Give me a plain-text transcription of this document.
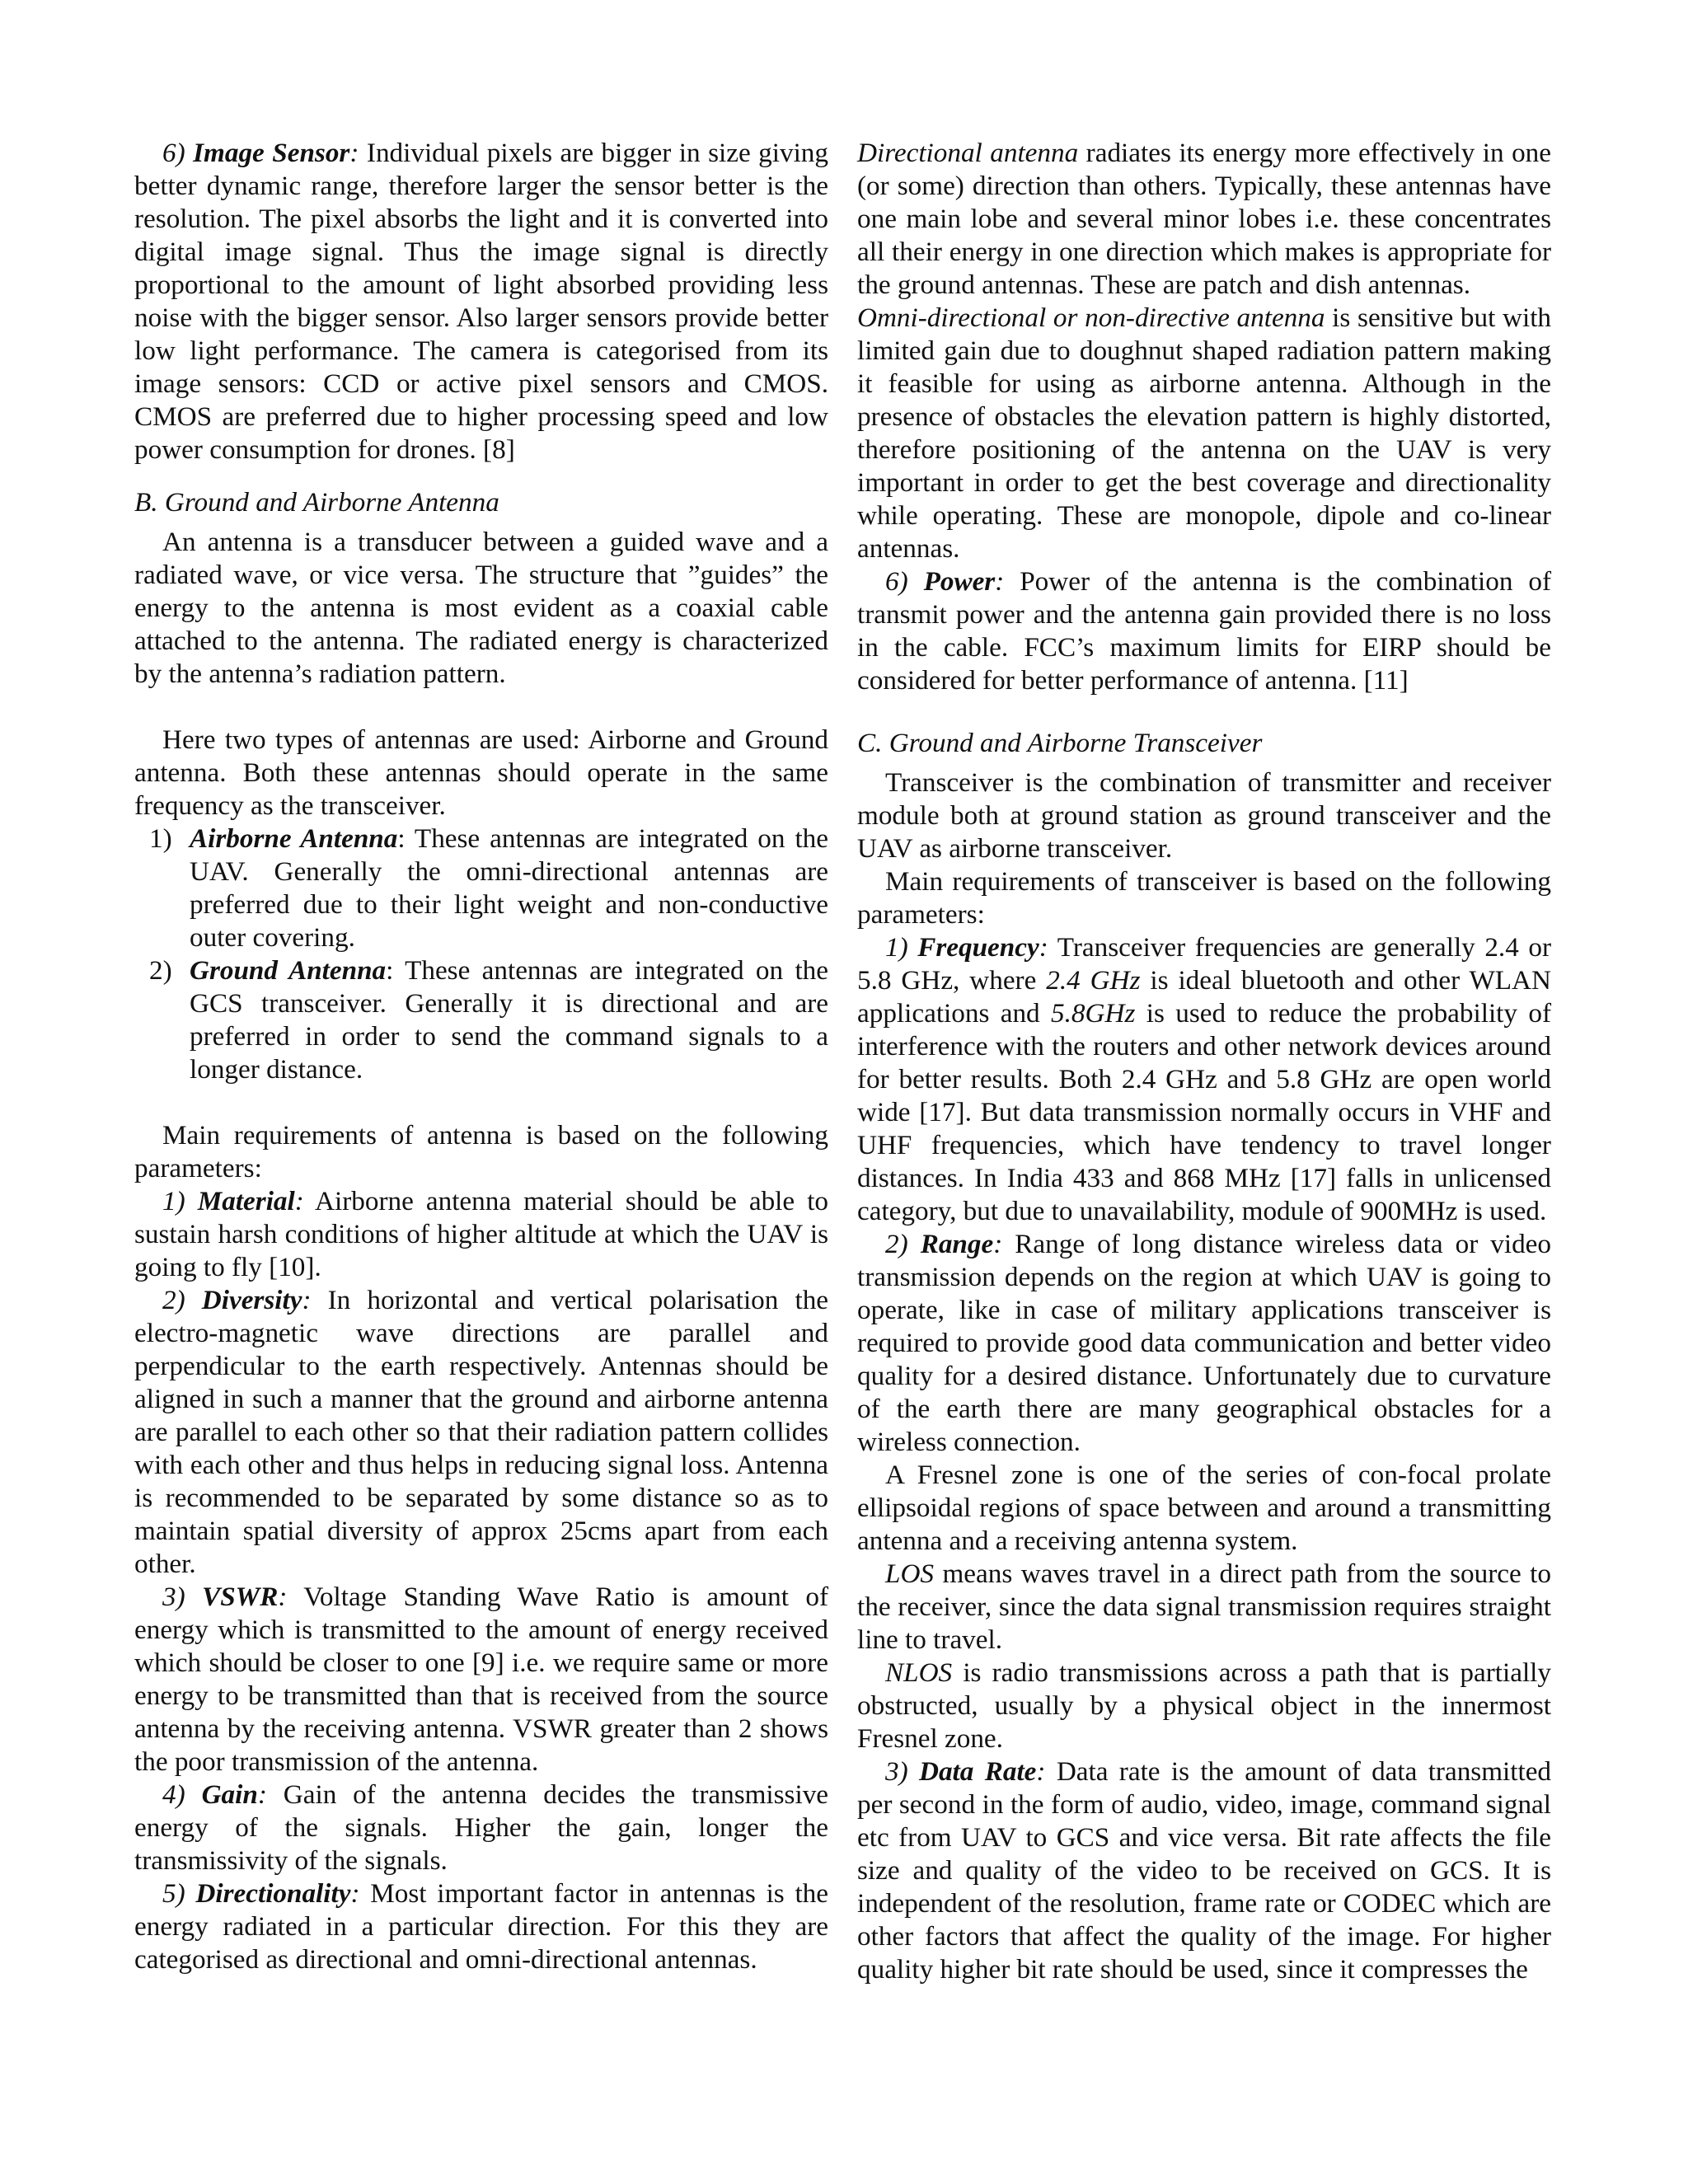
6) Image Sensor: Individual pixels are bigger in size giving better dynamic range, therefore larger the sensor better is the resolution. The pixel absorbs the light and it is converted into digital image signal. Thus the image signal is directly proportional to the amount of light absorbed providing less noise with the bigger sensor. Also larger sensors provide better low light performance. The camera is categorised from its image sensors: CCD or active pixel sensors and CMOS. CMOS are preferred due to higher processing speed and low power consumption for drones. [8]

B. Ground and Airborne Antenna

An antenna is a transducer between a guided wave and a radiated wave, or vice versa. The structure that ”guides” the energy to the antenna is most evident as a coaxial cable attached to the antenna. The radiated energy is characterized by the antenna’s radiation pattern.

Here two types of antennas are used: Airborne and Ground antenna. Both these antennas should operate in the same frequency as the transceiver.

1) Airborne Antenna: These antennas are integrated on the UAV. Generally the omni-directional antennas are preferred due to their light weight and non-conductive outer covering.
2) Ground Antenna: These antennas are integrated on the GCS transceiver. Generally it is directional and are preferred in order to send the command signals to a longer distance.

Main requirements of antenna is based on the following parameters:

1) Material: Airborne antenna material should be able to sustain harsh conditions of higher altitude at which the UAV is going to fly [10].

2) Diversity: In horizontal and vertical polarisation the electro-magnetic wave directions are parallel and perpendicular to the earth respectively. Antennas should be aligned in such a manner that the ground and airborne antenna are parallel to each other so that their radiation pattern collides with each other and thus helps in reducing signal loss. Antenna is recommended to be separated by some distance so as to maintain spatial diversity of approx 25cms apart from each other.

3) VSWR: Voltage Standing Wave Ratio is amount of energy which is transmitted to the amount of energy received which should be closer to one [9] i.e. we require same or more energy to be transmitted than that is received from the source antenna by the receiving antenna. VSWR greater than 2 shows the poor transmission of the antenna.

4) Gain: Gain of the antenna decides the transmissive energy of the signals. Higher the gain, longer the transmissivity of the signals.

5) Directionality: Most important factor in antennas is the energy radiated in a particular direction. For this they are categorised as directional and omni-directional antennas.

Directional antenna radiates its energy more effectively in one (or some) direction than others. Typically, these antennas have one main lobe and several minor lobes i.e. these concentrates all their energy in one direction which makes is appropriate for the ground antennas. These are patch and dish antennas.

Omni-directional or non-directive antenna is sensitive but with limited gain due to doughnut shaped radiation pattern making it feasible for using as airborne antenna. Although in the presence of obstacles the elevation pattern is highly distorted, therefore positioning of the antenna on the UAV is very important in order to get the best coverage and directionality while operating. These are monopole, dipole and co-linear antennas.

6) Power: Power of the antenna is the combination of transmit power and the antenna gain provided there is no loss in the cable. FCC’s maximum limits for EIRP should be considered for better performance of antenna. [11]

C. Ground and Airborne Transceiver

Transceiver is the combination of transmitter and receiver module both at ground station as ground transceiver and the UAV as airborne transceiver.

Main requirements of transceiver is based on the following parameters:

1) Frequency: Transceiver frequencies are generally 2.4 or 5.8 GHz, where 2.4 GHz is ideal bluetooth and other WLAN applications and 5.8GHz is used to reduce the probability of interference with the routers and other network devices around for better results. Both 2.4 GHz and 5.8 GHz are open world wide [17]. But data transmission normally occurs in VHF and UHF frequencies, which have tendency to travel longer distances. In India 433 and 868 MHz [17] falls in unlicensed category, but due to unavailability, module of 900MHz is used.

2) Range: Range of long distance wireless data or video transmission depends on the region at which UAV is going to operate, like in case of military applications transceiver is required to provide good data communication and better video quality for a desired distance. Unfortunately due to curvature of the earth there are many geographical obstacles for a wireless connection.

A Fresnel zone is one of the series of con-focal prolate ellipsoidal regions of space between and around a transmitting antenna and a receiving antenna system.

LOS means waves travel in a direct path from the source to the receiver, since the data signal transmission requires straight line to travel.

NLOS is radio transmissions across a path that is partially obstructed, usually by a physical object in the innermost Fresnel zone.

3) Data Rate: Data rate is the amount of data transmitted per second in the form of audio, video, image, command signal etc from UAV to GCS and vice versa. Bit rate affects the file size and quality of the video to be received on GCS. It is independent of the resolution, frame rate or CODEC which are other factors that affect the quality of the image. For higher quality higher bit rate should be used, since it compresses the
